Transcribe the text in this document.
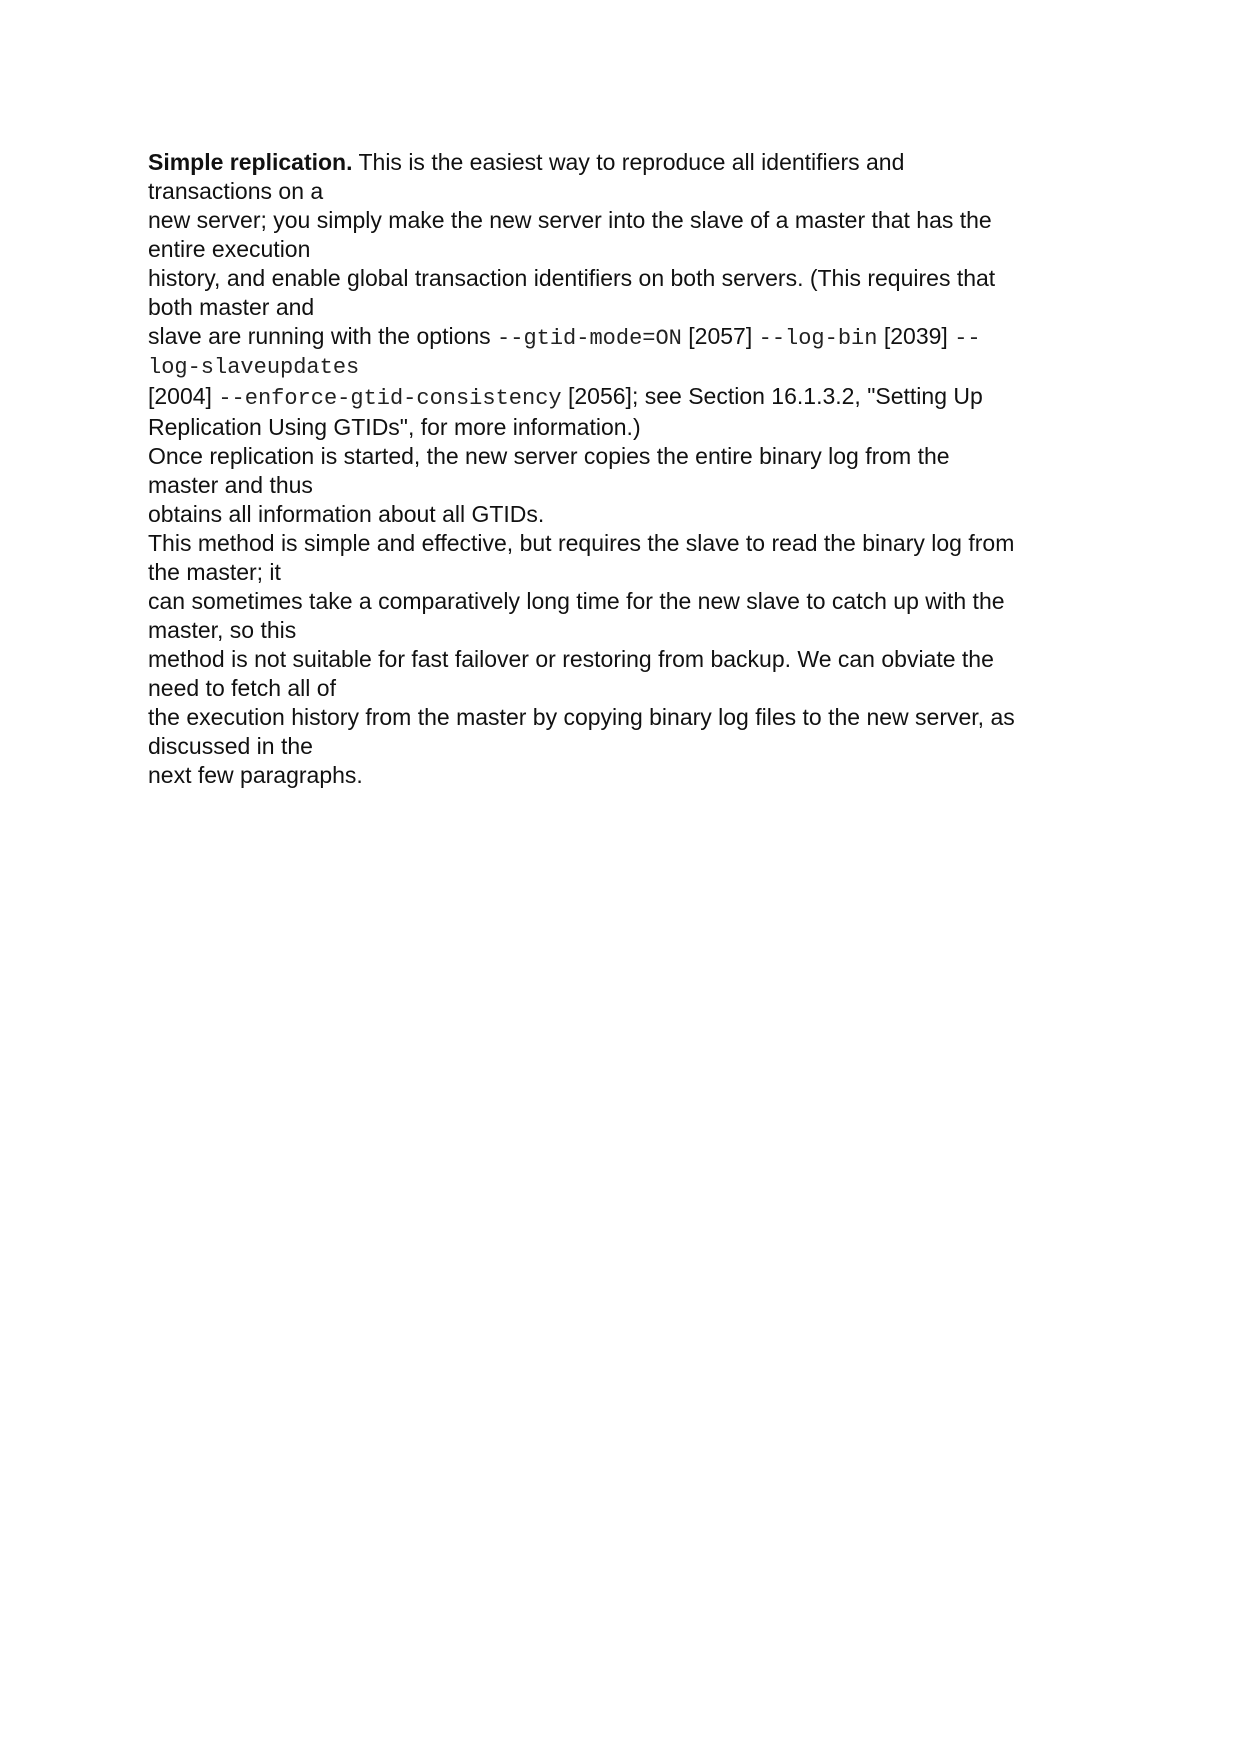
Simple replication. This is the easiest way to reproduce all identifiers and
transactions on a
new server; you simply make the new server into the slave of a master that has the
entire execution
history, and enable global transaction identifiers on both servers. (This requires that
both master and
slave are running with the options --gtid-mode=ON [2057] --log-bin [2039] --
log-slaveupdates
[2004] --enforce-gtid-consistency [2056]; see Section 16.1.3.2, "Setting Up
Replication Using GTIDs", for more information.)
Once replication is started, the new server copies the entire binary log from the
master and thus
obtains all information about all GTIDs.
This method is simple and effective, but requires the slave to read the binary log from
the master; it
can sometimes take a comparatively long time for the new slave to catch up with the
master, so this
method is not suitable for fast failover or restoring from backup. We can obviate the
need to fetch all of
the execution history from the master by copying binary log files to the new server, as
discussed in the
next few paragraphs.
